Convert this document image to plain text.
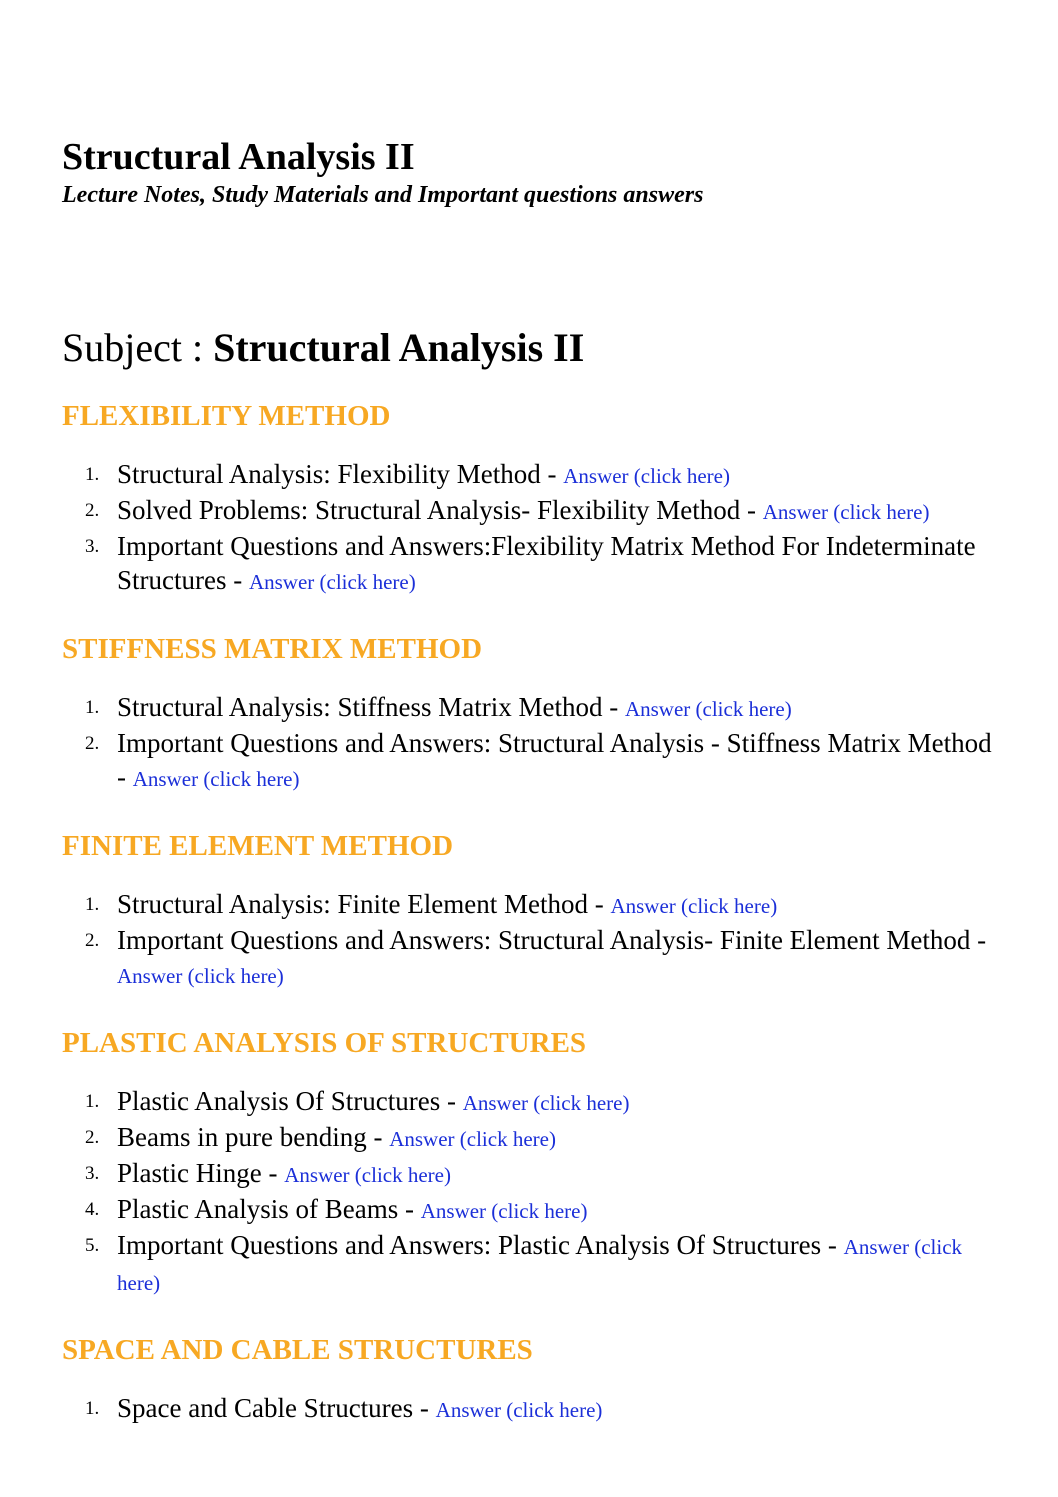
Structural Analysis II
Lecture Notes, Study Materials and Important questions answers
Subject : Structural Analysis II
FLEXIBILITY METHOD
1. Structural Analysis: Flexibility Method - Answer (click here)
2. Solved Problems: Structural Analysis- Flexibility Method - Answer (click here)
3. Important Questions and Answers:Flexibility Matrix Method For Indeterminate Structures - Answer (click here)
STIFFNESS MATRIX METHOD
1. Structural Analysis: Stiffness Matrix Method - Answer (click here)
2. Important Questions and Answers: Structural Analysis - Stiffness Matrix Method - Answer (click here)
FINITE ELEMENT METHOD
1. Structural Analysis: Finite Element Method - Answer (click here)
2. Important Questions and Answers: Structural Analysis- Finite Element Method - Answer (click here)
PLASTIC ANALYSIS OF STRUCTURES
1. Plastic Analysis Of Structures - Answer (click here)
2. Beams in pure bending - Answer (click here)
3. Plastic Hinge - Answer (click here)
4. Plastic Analysis of Beams - Answer (click here)
5. Important Questions and Answers: Plastic Analysis Of Structures - Answer (click here)
SPACE AND CABLE STRUCTURES
1. Space and Cable Structures - Answer (click here)
